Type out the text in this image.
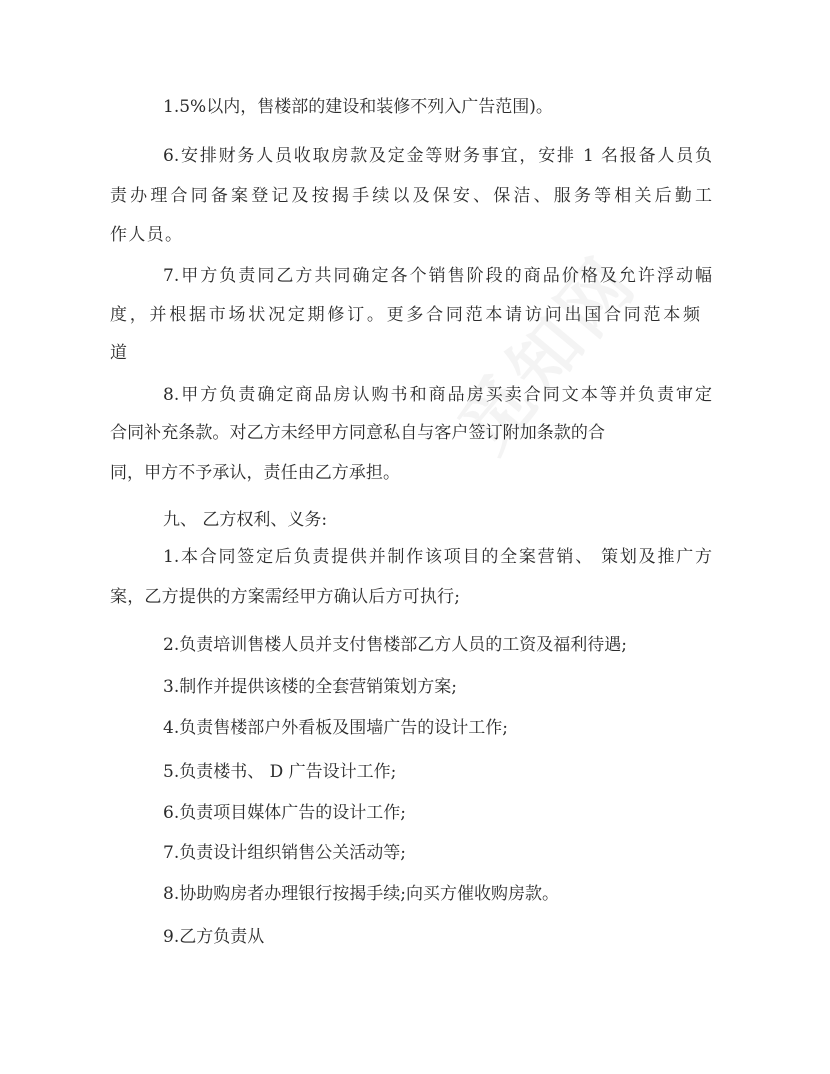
1.5%以内，售楼部的建设和装修不列入广告范围)。
6.安排财务人员收取房款及定金等财务事宜，安排 1 名报备人员负
责办理合同备案登记及按揭手续以及保安、保洁、服务等相关后勤工
作人员。
7.甲方负责同乙方共同确定各个销售阶段的商品价格及允许浮动幅
度，并根据市场状况定期修订。更多合同范本请访问出国合同范本频
道
8.甲方负责确定商品房认购书和商品房买卖合同文本等并负责审定
合同补充条款。对乙方未经甲方同意私自与客户签订附加条款的合
同，甲方不予承认，责任由乙方承担。
九、 乙方权利、义务:
1.本合同签定后负责提供并制作该项目的全案营销、 策划及推广方
案，乙方提供的方案需经甲方确认后方可执行;
2.负责培训售楼人员并支付售楼部乙方人员的工资及福利待遇;
3.制作并提供该楼的全套营销策划方案;
4.负责售楼部户外看板及围墙广告的设计工作;
5.负责楼书、 D 广告设计工作;
6.负责项目媒体广告的设计工作;
7.负责设计组织销售公关活动等;
8.协助购房者办理银行按揭手续;向买方催收购房款。
9.乙方负责从
